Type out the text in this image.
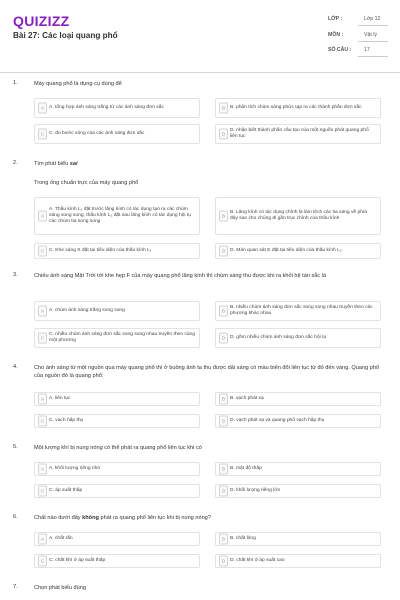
QUIZIZZ
Bài 27: Các loại quang phổ
LỚP :	Lớp 12
MÔN :	Vật lý
SỐ CÂU : 17
1.	Máy quang phổ là dụng cụ dùng để
A	A. tổng hợp ánh sáng trắng từ các ánh sáng đơn sắc	B	B. phân tích chùm sáng phức tạp ra các thành phần đơn sắc
C C. đo bước sóng của các ánh sáng đơn sắc	D
D. nhận biết thành phần cấu tạo của một nguồn phát quang phổ liên tục
2.	Tìm phát biểu sai
Trong ống chuẩn trực của máy quang phổ
A
A. Thấu kính L₁ đặt trước lăng kính có tác dụng tạo ra các chùm sáng song song, thấu kính L₂ đặt sau lăng kính có tác dụng hội tụ các chùm tia song song
B
B. Lăng kính có tác dụng chính là làm lệch các tia sáng về phía đáy sao cho chúng đi gần trục chính của thấu kính
C C. Khe sáng S đặt tại tiêu diện của thấu kính L₁	D D. Màn quan sát E đặt tại tiêu diện của thấu kính L₂
3.	Chiếu ánh sáng Mặt Trời tới khe hẹp F của máy quang phổ lăng kính thì chùm sáng thu được khi ra khỏi hệ tán sắc là
A	A. chùm ánh sáng trắng song song	B
B. nhiều chùm ánh sáng đơn sắc song song nhau truyền theo các phương khác nhau
C
C. nhiều chùm ánh sáng đơn sắc song song nhau truyền theo cùng một phương	D D. gồm nhiều chùm ánh sáng đơn sắc hội tụ
4.	Cho ánh sáng từ một nguồn qua máy quang phổ thì ở buồng ảnh ta thu được dải sáng có màu biến đổi liên tục từ đỏ đến vàng. Quang phổ của nguồn đó là quang phổ:
A	A. liên tục	B	B. vạch phát xạ
C C. vạch hấp thụ	D D. vạch phát xạ và quang phổ vạch hấp thụ
5.	Một lượng khí bị nung nóng có thể phát ra quang phổ liên tục khi có
A	A. khối lượng riêng nhỏ	B	B. mật độ thấp
C C. áp suất thấp	D D. khối lượng riêng lớn
6.	Chất nào dưới đây không phát ra quang phổ liên tục khi bị nung nóng?
A	A. chất rắn	B	B. chất lỏng
C C. chất khí ở áp suất thấp	D D. chất khí ở áp suất cao
7.	Chọn phát biểu đúng
